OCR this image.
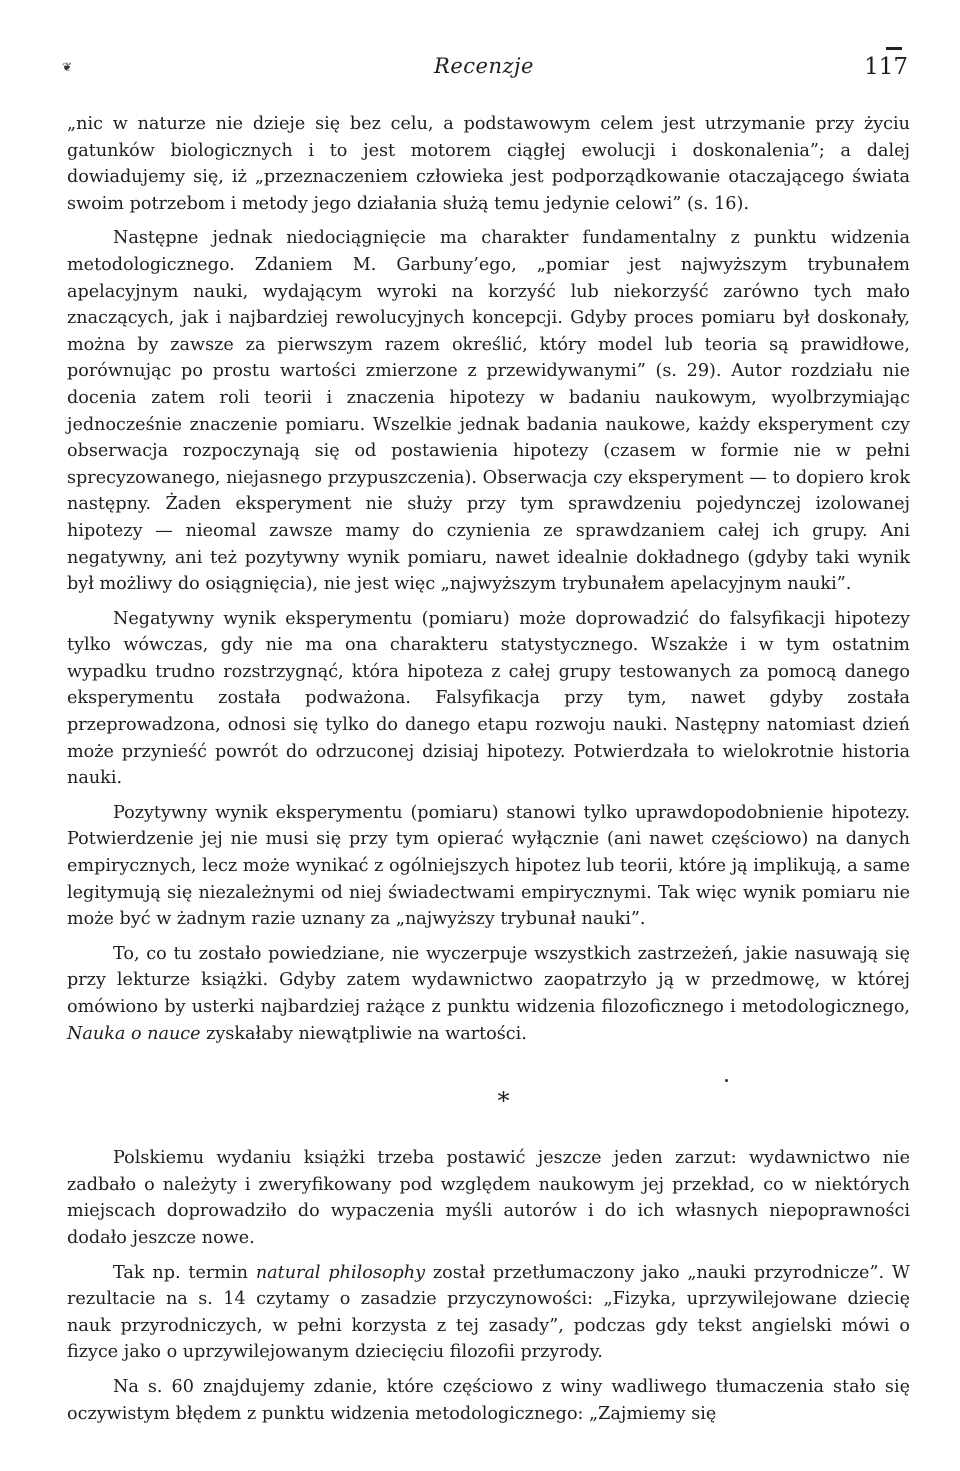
❦	Recenzje	117

„nic w naturze nie dzieje się bez celu, a podstawowym celem jest utrzymanie przy życiu gatunków biologicznych i to jest motorem ciągłej ewolucji i doskonalenia”; a dalej dowiadujemy się, iż „przeznaczeniem człowieka jest podporządkowanie otaczającego świata swoim potrzebom i metody jego działania służą temu jedynie celowi” (s. 16).

Następne jednak niedociągnięcie ma charakter fundamentalny z punktu widzenia metodologicznego. Zdaniem M. Garbuny’ego, „pomiar jest najwyższym trybunałem apelacyjnym nauki, wydającym wyroki na korzyść lub niekorzyść zarówno tych mało znaczących, jak i najbardziej rewolucyjnych koncepcji. Gdyby proces pomiaru był doskonały, można by zawsze za pierwszym razem określić, który model lub teoria są prawidłowe, porównując po prostu wartości zmierzone z przewidywanymi” (s. 29). Autor rozdziału nie docenia zatem roli teorii i znaczenia hipotezy w badaniu naukowym, wyolbrzymiając jednocześnie znaczenie pomiaru. Wszelkie jednak badania naukowe, każdy eksperyment czy obserwacja rozpoczynają się od postawienia hipotezy (czasem w formie nie w pełni sprecyzowanego, niejasnego przypuszczenia). Obserwacja czy eksperyment — to dopiero krok następny. Żaden eksperyment nie służy przy tym sprawdzeniu pojedynczej izolowanej hipotezy — nieomal zawsze mamy do czynienia ze sprawdzaniem całej ich grupy. Ani negatywny, ani też pozytywny wynik pomiaru, nawet idealnie dokładnego (gdyby taki wynik był możliwy do osiągnięcia), nie jest więc „najwyższym trybunałem apelacyjnym nauki”.

Negatywny wynik eksperymentu (pomiaru) może doprowadzić do falsyfikacji hipotezy tylko wówczas, gdy nie ma ona charakteru statystycznego. Wszakże i w tym ostatnim wypadku trudno rozstrzygnąć, która hipoteza z całej grupy testowanych za pomocą danego eksperymentu została podważona. Falsyfikacja przy tym, nawet gdyby została przeprowadzona, odnosi się tylko do danego etapu rozwoju nauki. Następny natomiast dzień może przynieść powrót do odrzuconej dzisiaj hipotezy. Potwierdzała to wielokrotnie historia nauki.

Pozytywny wynik eksperymentu (pomiaru) stanowi tylko uprawdopodobnienie hipotezy. Potwierdzenie jej nie musi się przy tym opierać wyłącznie (ani nawet częściowo) na danych empirycznych, lecz może wynikać z ogólniejszych hipotez lub teorii, które ją implikują, a same legitymują się niezależnymi od niej świadectwami empirycznymi. Tak więc wynik pomiaru nie może być w żadnym razie uznany za „najwyższy trybunał nauki”.

To, co tu zostało powiedziane, nie wyczerpuje wszystkich zastrzeżeń, jakie nasuwają się przy lekturze książki. Gdyby zatem wydawnictwo zaopatrzyło ją w przedmowę, w której omówiono by usterki najbardziej rażące z punktu widzenia filozoficznego i metodologicznego, Nauka o nauce zyskałaby niewątpliwie na wartości.

*

Polskiemu wydaniu książki trzeba postawić jeszcze jeden zarzut: wydawnictwo nie zadbało o należyty i zweryfikowany pod względem naukowym jej przekład, co w niektórych miejscach doprowadziło do wypaczenia myśli autorów i do ich własnych niepoprawności dodało jeszcze nowe.

Tak np. termin natural philosophy został przetłumaczony jako „nauki przyrodnicze”. W rezultacie na s. 14 czytamy o zasadzie przyczynowości: „Fizyka, uprzywilejowane dziecię nauk przyrodniczych, w pełni korzysta z tej zasady”, podczas gdy tekst angielski mówi o fizyce jako o uprzywilejowanym dziecięciu filozofii przyrody.

Na s. 60 znajdujemy zdanie, które częściowo z winy wadliwego tłumaczenia stało się oczywistym błędem z punktu widzenia metodologicznego: „Zajmiemy się
